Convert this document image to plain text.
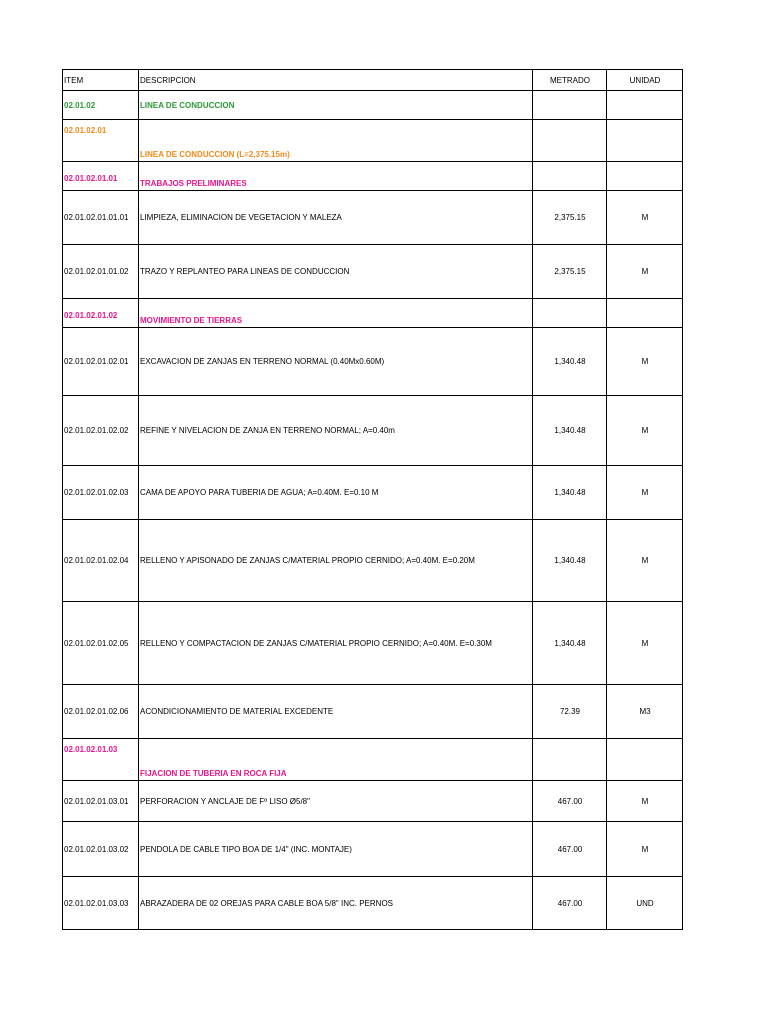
ITEM	DESCRIPCION	METRADO	UNIDAD
02.01.02	LINEA DE CONDUCCION		
02.01.02.01	LINEA DE CONDUCCION (L=2,375.15m)		
02.01.02.01.01	TRABAJOS PRELIMINARES		
02.01.02.01.01.01	LIMPIEZA, ELIMINACION DE VEGETACION Y MALEZA	2,375.15	M
02.01.02.01.01.02	TRAZO Y REPLANTEO PARA LINEAS DE CONDUCCION	2,375.15	M
02.01.02.01.02	MOVIMIENTO DE TIERRAS		
02.01.02.01.02.01	EXCAVACION DE ZANJAS EN TERRENO NORMAL (0.40Mx0.60M)	1,340.48	M
02.01.02.01.02.02	REFINE Y NIVELACION DE ZANJA EN TERRENO NORMAL; A=0.40m	1,340.48	M
02.01.02.01.02.03	CAMA DE APOYO PARA TUBERIA DE AGUA; A=0.40M. E=0.10 M	1,340.48	M
02.01.02.01.02.04	RELLENO Y APISONADO DE ZANJAS C/MATERIAL PROPIO CERNIDO; A=0.40M. E=0.20M	1,340.48	M
02.01.02.01.02.05	RELLENO Y COMPACTACION DE ZANJAS C/MATERIAL PROPIO CERNIDO; A=0.40M. E=0.30M	1,340.48	M
02.01.02.01.02.06	ACONDICIONAMIENTO DE MATERIAL EXCEDENTE	72.39	M3
02.01.02.01.03	FIJACION DE TUBERIA EN ROCA FIJA		
02.01.02.01.03.01	PERFORACION Y ANCLAJE DE Fº LISO Ø5/8"	467.00	M
02.01.02.01.03.02	PENDOLA DE CABLE TIPO BOA DE 1/4" (INC. MONTAJE)	467.00	M
02.01.02.01.03.03	ABRAZADERA DE 02 OREJAS PARA CABLE BOA 5/8" INC. PERNOS	467.00	UND
